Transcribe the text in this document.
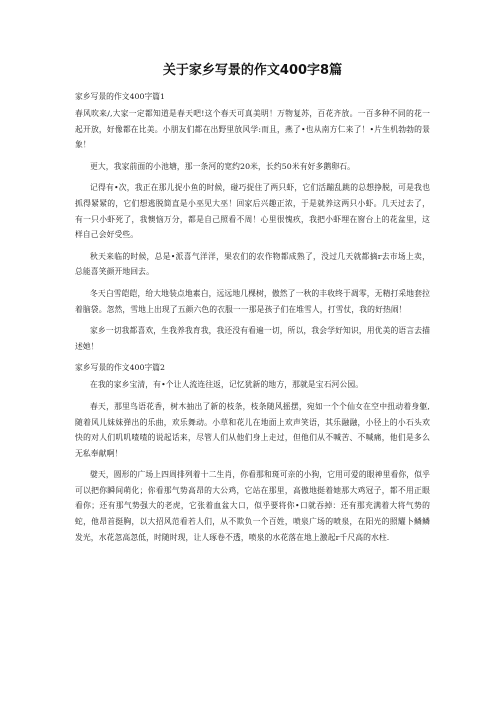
关于家乡写景的作文400字8篇
家乡写景的作文400字篇1

春风吹来/,大家一定都知道是春天吧!这个春天可真美明！万物复苏，百花齐放。一百多种不同的花一起开放，好像都在比美。小朋友们都在出野里放风学:而且，燕了•也从南方仁来了！•片生机勃勃的景象！

更大，我家前面的小池塘，那一条河的宽约20米，长约50米有好多鹅卵石。

记得有•次，我正在那儿捉小鱼的时候，碰巧捉住了两只虾，它们活蹦乱跳的总想挣脱，可是我也抓得紧紧的，它们想逃脱简直是小巫见大巫！回家后兴趣正浓，于是就养这两只小虾。几天过去了，有一只小虾死了，我懊恼万分，都是自己照看不周！心里很愧疚，我把小虾埋在窗台上的花盆里，这样自己会好受些。

秋天来临的时候，总是•派喜气洋洋，果农们的农作物都成熟了，没过几天就都摘r去市场上卖，总能喜笑颜开地回去。

冬天白雪皑皑，给大地装点地素白，远远地几棵树，傲然了一秋的丰收终于凋零，无精打采地套拉着脑袋。忽然，雪地上出现了五颜六色的衣服一一那是孩子们在堆雪人，打雪仗，我的好热闹！

家乡一切我都喜欢，生我养我育我，我还没有看遍一切，所以，我会学好知识，用优美的语言去描述她！

家乡写景的作文400字篇2

在我的家乡宝清，有•个让人流连往返，记忆犹新的地方，那就是宝石河公园。

春天，那里鸟语花香，树木抽出了新的枝条，枝条随风摇摆，宛如一个个仙女在空中扭动着身躯,随着风儿妹妹弹出的乐曲，欢乐舞动。小草和花儿在地面上欢声笑语，其乐融融，小径上的小石头欢快的对人们叽叽喳喳的说起话来，尽管人们从他们身上走过，但他们从不喊苦、不喊痛，他们是多么无私奉献啊！

嬖天，圆形的广场上四周排列着十二生肖，你看那和斑可亲的小狗，它用可爱的眼神里看你，似乎可以把你瞬间萌化；你看那气势高昂的大公鸡，它站在那里，高傲地挺着她那大鸡冠子，都不用正眼看你；还有那气势强大的老虎，它张着血盆大口，似乎要将你•口就吞掉：还有那充满着大将气势的蛇，他昂首挺胸，以大招风范看若人们，从不欺负一个百姓，喷泉广场的喷泉，在阳光的照耀卜鳞鳞发光，水花忽高忽低，时随时现，让人琢卷不透，喷泉的水花落在地上激起r千尺高的水柱.
